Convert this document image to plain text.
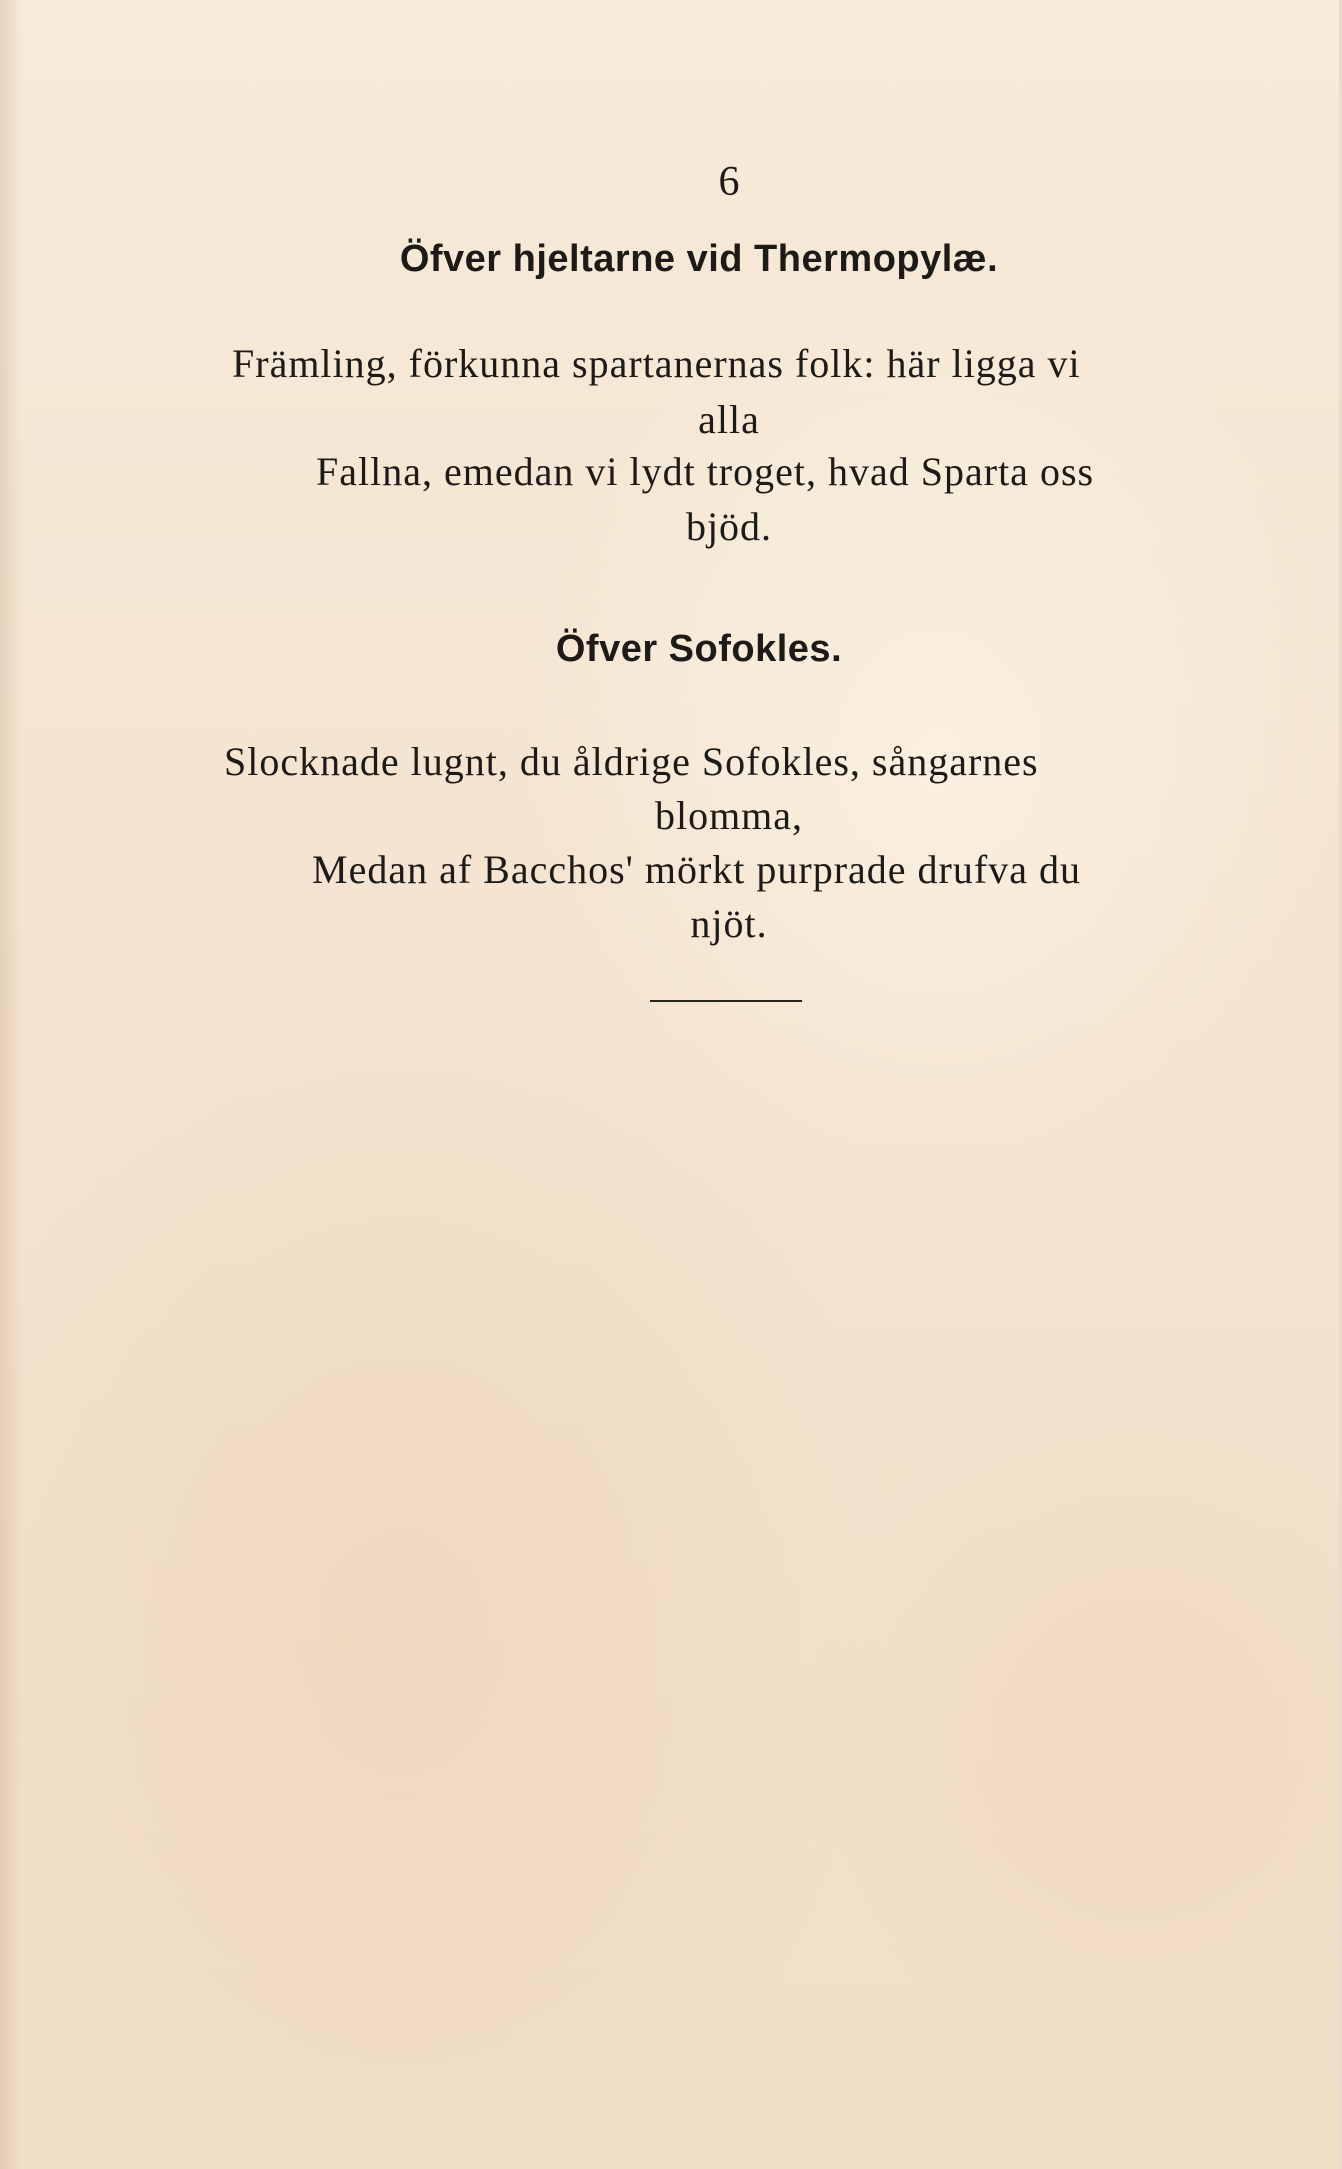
6
Öfver hjeltarne vid Thermopylæ.
Främling, förkunna spartanernas folk: här ligga vi
alla
Fallna, emedan vi lydt troget, hvad Sparta oss
bjöd.
Öfver Sofokles.
Slocknade lugnt, du åldrige Sofokles, sångarnes
blomma,
Medan af Bacchos' mörkt purprade drufva du
njöt.
